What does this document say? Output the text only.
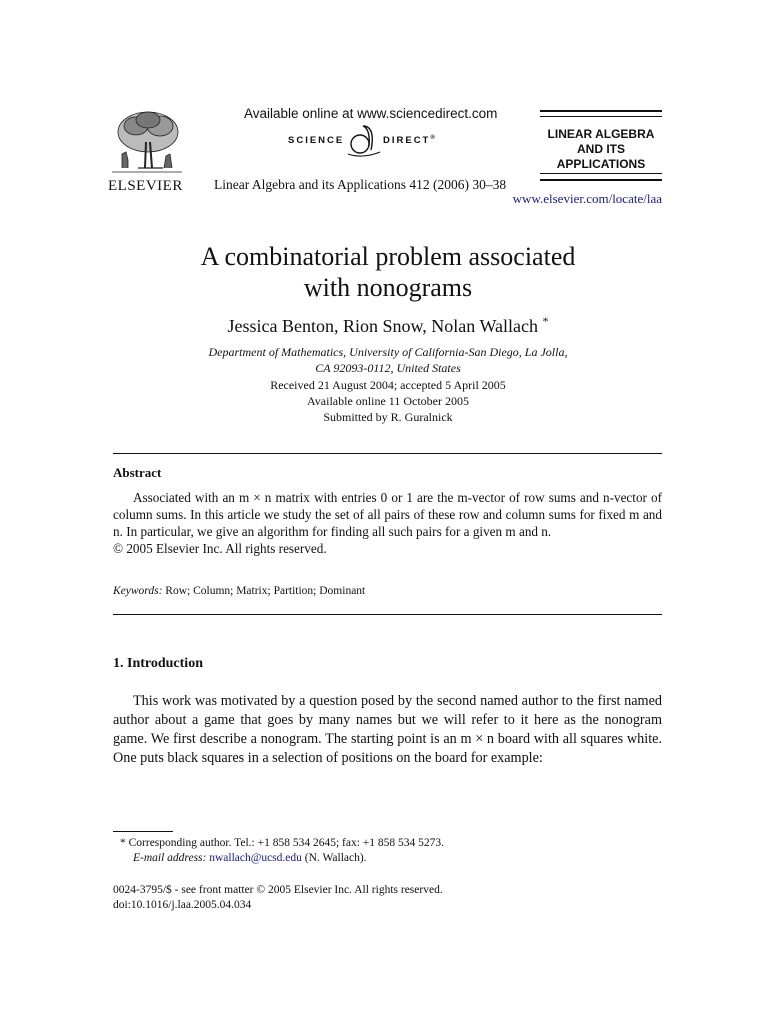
Available online at www.sciencedirect.com
SCIENCE	DIRECT®
ELSEVIER Linear Algebra and its Applications 412 (2006) 30–38
www.elsevier.com/locate/laa
LINEAR ALGEBRA
AND ITS
APPLICATIONS
A combinatorial problem associated
with nonograms
Jessica Benton, Rion Snow, Nolan Wallach *
Department of Mathematics, University of California-San Diego, La Jolla,
CA 92093-0112, United States
Received 21 August 2004; accepted 5 April 2005
Available online 11 October 2005
Submitted by R. Guralnick
Abstract

Associated with an m × n matrix with entries 0 or 1 are the m-vector of row sums and n-vector of column sums. In this article we study the set of all pairs of these row and column sums for fixed m and n. In particular, we give an algorithm for finding all such pairs for a given m and n.

© 2005 Elsevier Inc. All rights reserved.

Keywords: Row; Column; Matrix; Partition; Dominant
1. Introduction

This work was motivated by a question posed by the second named author to the first named author about a game that goes by many names but we will refer to it here as the nonogram game. We first describe a nonogram. The starting point is an m × n board with all squares white. One puts black squares in a selection of positions on the board for example:

* Corresponding author. Tel.: +1 858 534 2645; fax: +1 858 534 5273.
E-mail address: nwallach@ucsd.edu (N. Wallach).
0024-3795/$ - see front matter © 2005 Elsevier Inc. All rights reserved.
doi:10.1016/j.laa.2005.04.034
